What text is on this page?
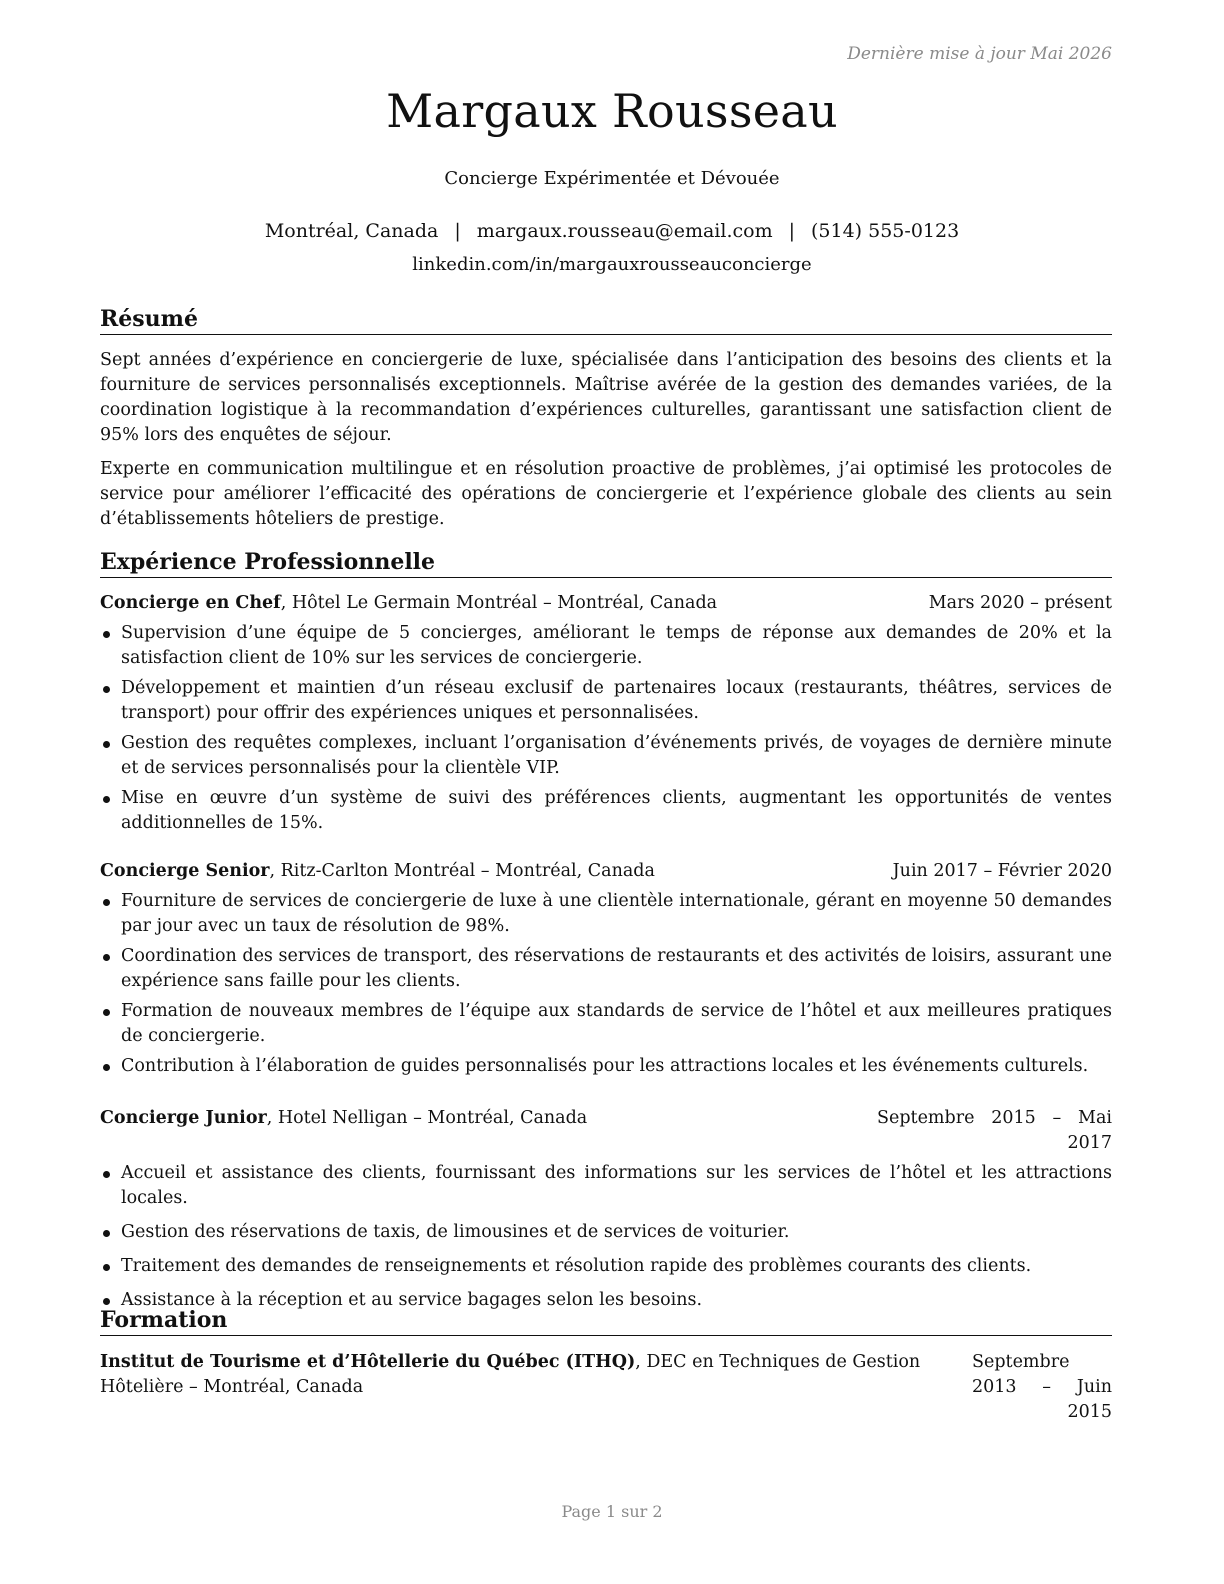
Dernière mise à jour Mai 2026
Margaux Rousseau
Concierge Expérimentée et Dévouée
Montréal, Canada | margaux.rousseau@email.com | (514) 555-0123
linkedin.com/in/margauxrousseauconcierge
Résumé
Sept années d’expérience en conciergerie de luxe, spécialisée dans l’anticipation des besoins des clients et la fourniture de services personnalisés exceptionnels. Maîtrise avérée de la gestion des demandes variées, de la coordination logistique à la recommandation d’expériences culturelles, garantissant une satisfaction client de 95% lors des enquêtes de séjour.
Experte en communication multilingue et en résolution proactive de problèmes, j’ai optimisé les protocoles de service pour améliorer l’efficacité des opérations de conciergerie et l’expérience globale des clients au sein d’établissements hôteliers de prestige.
Expérience Professionnelle
Concierge en Chef, Hôtel Le Germain Montréal – Montréal, Canada	Mars 2020 – présent
Supervision d’une équipe de 5 concierges, améliorant le temps de réponse aux demandes de 20% et la satisfaction client de 10% sur les services de conciergerie.
Développement et maintien d’un réseau exclusif de partenaires locaux (restaurants, théâtres, services de transport) pour offrir des expériences uniques et personnalisées.
Gestion des requêtes complexes, incluant l’organisation d’événements privés, de voyages de dernière minute et de services personnalisés pour la clientèle VIP.
Mise en œuvre d’un système de suivi des préférences clients, augmentant les opportunités de ventes additionnelles de 15%.
Concierge Senior, Ritz-Carlton Montréal – Montréal, Canada	Juin 2017 – Février 2020
Fourniture de services de conciergerie de luxe à une clientèle internationale, gérant en moyenne 50 demandes par jour avec un taux de résolution de 98%.
Coordination des services de transport, des réservations de restaurants et des activités de loisirs, assurant une expérience sans faille pour les clients.
Formation de nouveaux membres de l’équipe aux standards de service de l’hôtel et aux meilleures pratiques de conciergerie.
Contribution à l’élaboration de guides personnalisés pour les attractions locales et les événements culturels.
Concierge Junior, Hotel Nelligan – Montréal, Canada	Septembre 2015 – Mai 2017
Accueil et assistance des clients, fournissant des informations sur les services de l’hôtel et les attractions locales.
Gestion des réservations de taxis, de limousines et de services de voiturier.
Traitement des demandes de renseignements et résolution rapide des problèmes courants des clients.
Assistance à la réception et au service bagages selon les besoins.
Formation
Institut de Tourisme et d’Hôtellerie du Québec (ITHQ), DEC en Techniques de Gestion Hôtelière – Montréal, Canada
Septembre 2013 – Juin 2015
Page 1 sur 2
